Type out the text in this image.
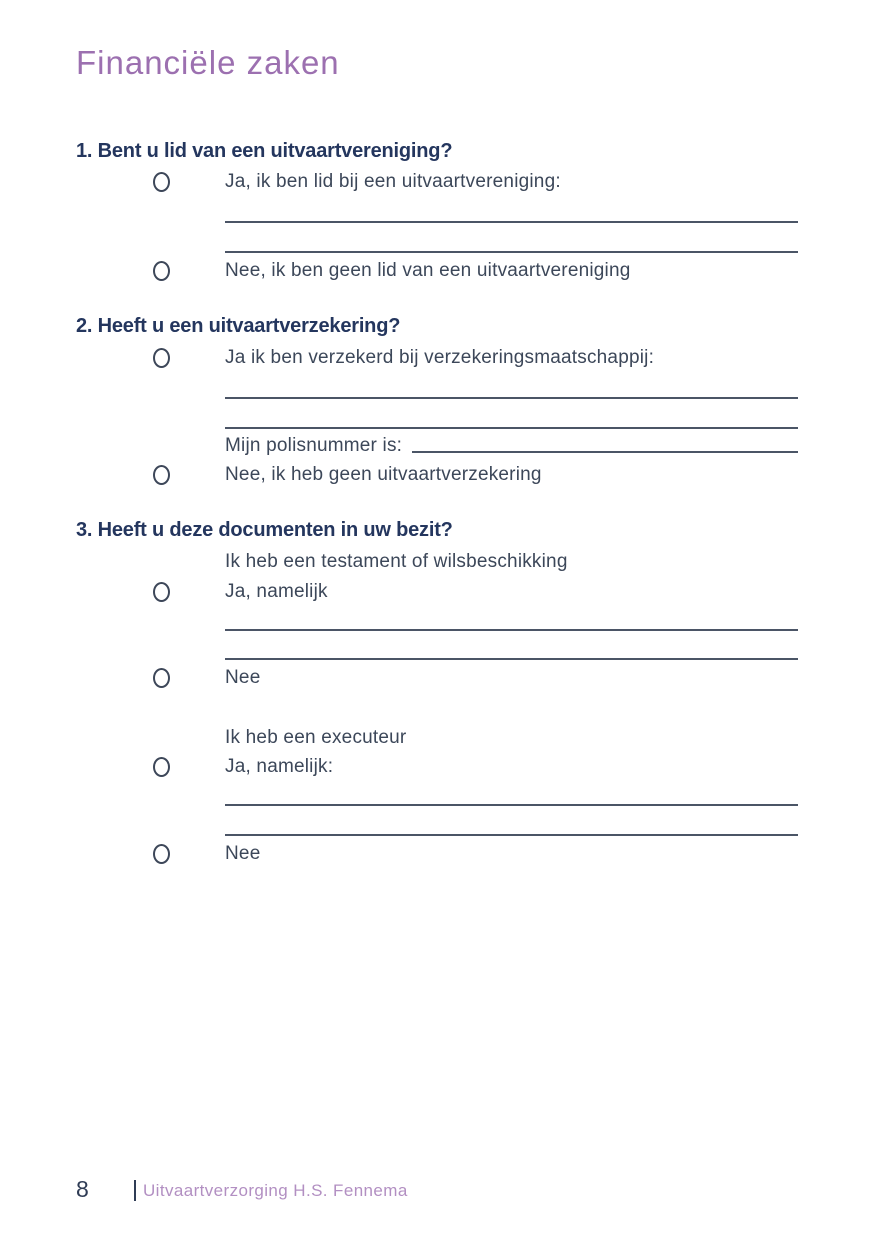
Financiële zaken
1. Bent u lid van een uitvaartvereniging?
Ja, ik ben lid bij een uitvaartvereniging:
Nee, ik ben geen lid van een uitvaartvereniging
2. Heeft u een uitvaartverzekering?
Ja ik ben verzekerd bij verzekeringsmaatschappij:
Mijn polisnummer is:
Nee, ik heb geen uitvaartverzekering
3. Heeft u deze documenten in uw bezit?
Ik heb een testament of wilsbeschikking
Ja, namelijk
Nee
Ik heb een executeur
Ja, namelijk:
Nee
8	Uitvaartverzorging H.S. Fennema
